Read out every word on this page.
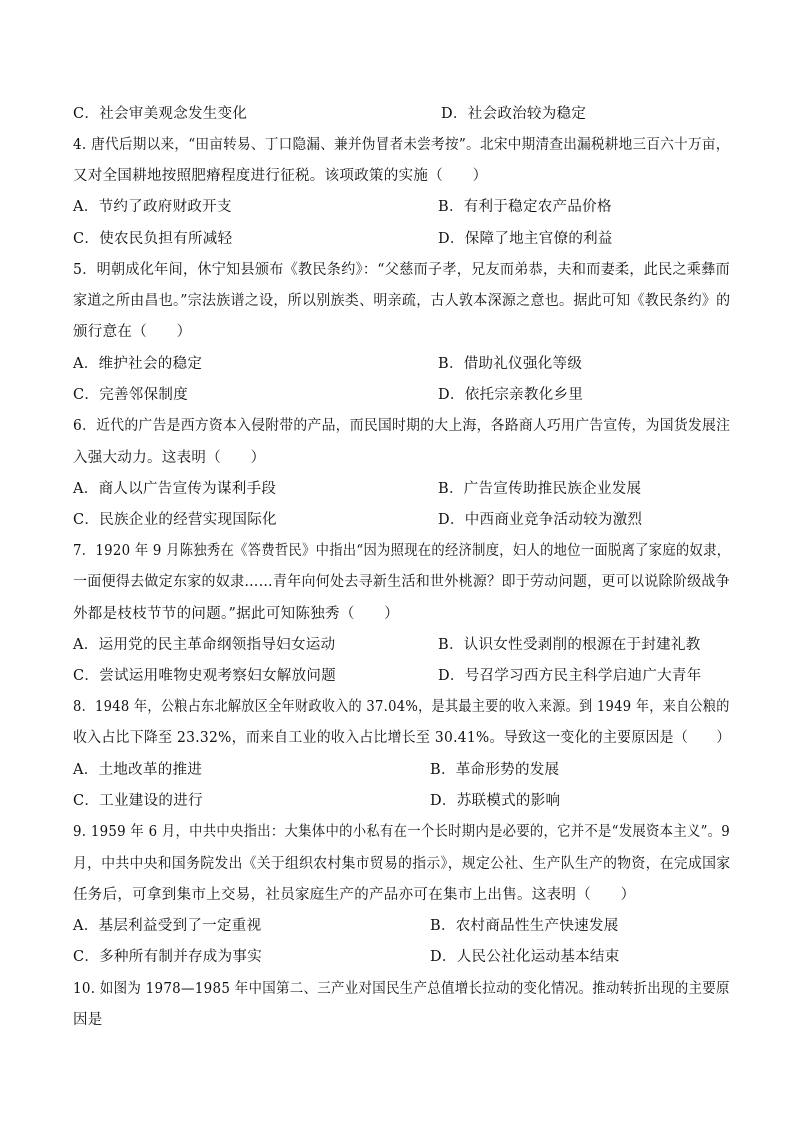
C．社会审美观念发生变化	D．社会政治较为稳定
4. 唐代后期以来，“田亩转易、丁口隐漏、兼并伪冒者未尝考按”。北宋中期清查出漏税耕地三百六十万亩，
又对全国耕地按照肥瘠程度进行征税。该项政策的实施（　　）
A．节约了政府财政开支	B．有利于稳定农产品价格
C．使农民负担有所减轻	D．保障了地主官僚的利益
5．明朝成化年间，休宁知县颁布《教民条约》：“父慈而子孝，兄友而弟恭，夫和而妻柔，此民之乘彝而
家道之所由昌也。”宗法族谱之设，所以别族类、明亲疏，古人敦本深源之意也。据此可知《教民条约》的
颁行意在（　　）
A．维护社会的稳定	B．借助礼仪强化等级
C．完善邻保制度	D．依托宗亲教化乡里
6．近代的广告是西方资本入侵附带的产品，而民国时期的大上海，各路商人巧用广告宣传，为国货发展注
入强大动力。这表明（　　）
A．商人以广告宣传为谋利手段	B．广告宣传助推民族企业发展
C．民族企业的经营实现国际化	D．中西商业竞争活动较为激烈
7．1920 年 9 月陈独秀在《答费哲民》中指出“因为照现在的经济制度，妇人的地位一面脱离了家庭的奴隶，
一面便得去做定东家的奴隶……青年向何处去寻新生活和世外桃源？即于劳动问题，更可以说除阶级战争
外都是枝枝节节的问题。”据此可知陈独秀（　　）
A．运用党的民主革命纲领指导妇女运动	B．认识女性受剥削的根源在于封建礼教
C．尝试运用唯物史观考察妇女解放问题	D．号召学习西方民主科学启迪广大青年
8．1948 年，公粮占东北解放区全年财政收入的 37.04%，是其最主要的收入来源。到 1949 年，来自公粮的
收入占比下降至 23.32%，而来自工业的收入占比增长至 30.41%。导致这一变化的主要原因是（　　）
A．土地改革的推进	B．革命形势的发展
C．工业建设的进行	D．苏联模式的影响
9. 1959 年 6 月，中共中央指出：大集体中的小私有在一个长时期内是必要的，它并不是“发展资本主义”。9
月，中共中央和国务院发出《关于组织农村集市贸易的指示》，规定公社、生产队生产的物资，在完成国家
任务后，可拿到集市上交易，社员家庭生产的产品亦可在集市上出售。这表明（　　）
A．基层利益受到了一定重视	B．农村商品性生产快速发展
C．多种所有制并存成为事实	D．人民公社化运动基本结束
10. 如图为 1978—1985 年中国第二、三产业对国民生产总值增长拉动的变化情况。推动转折出现的主要原
因是
